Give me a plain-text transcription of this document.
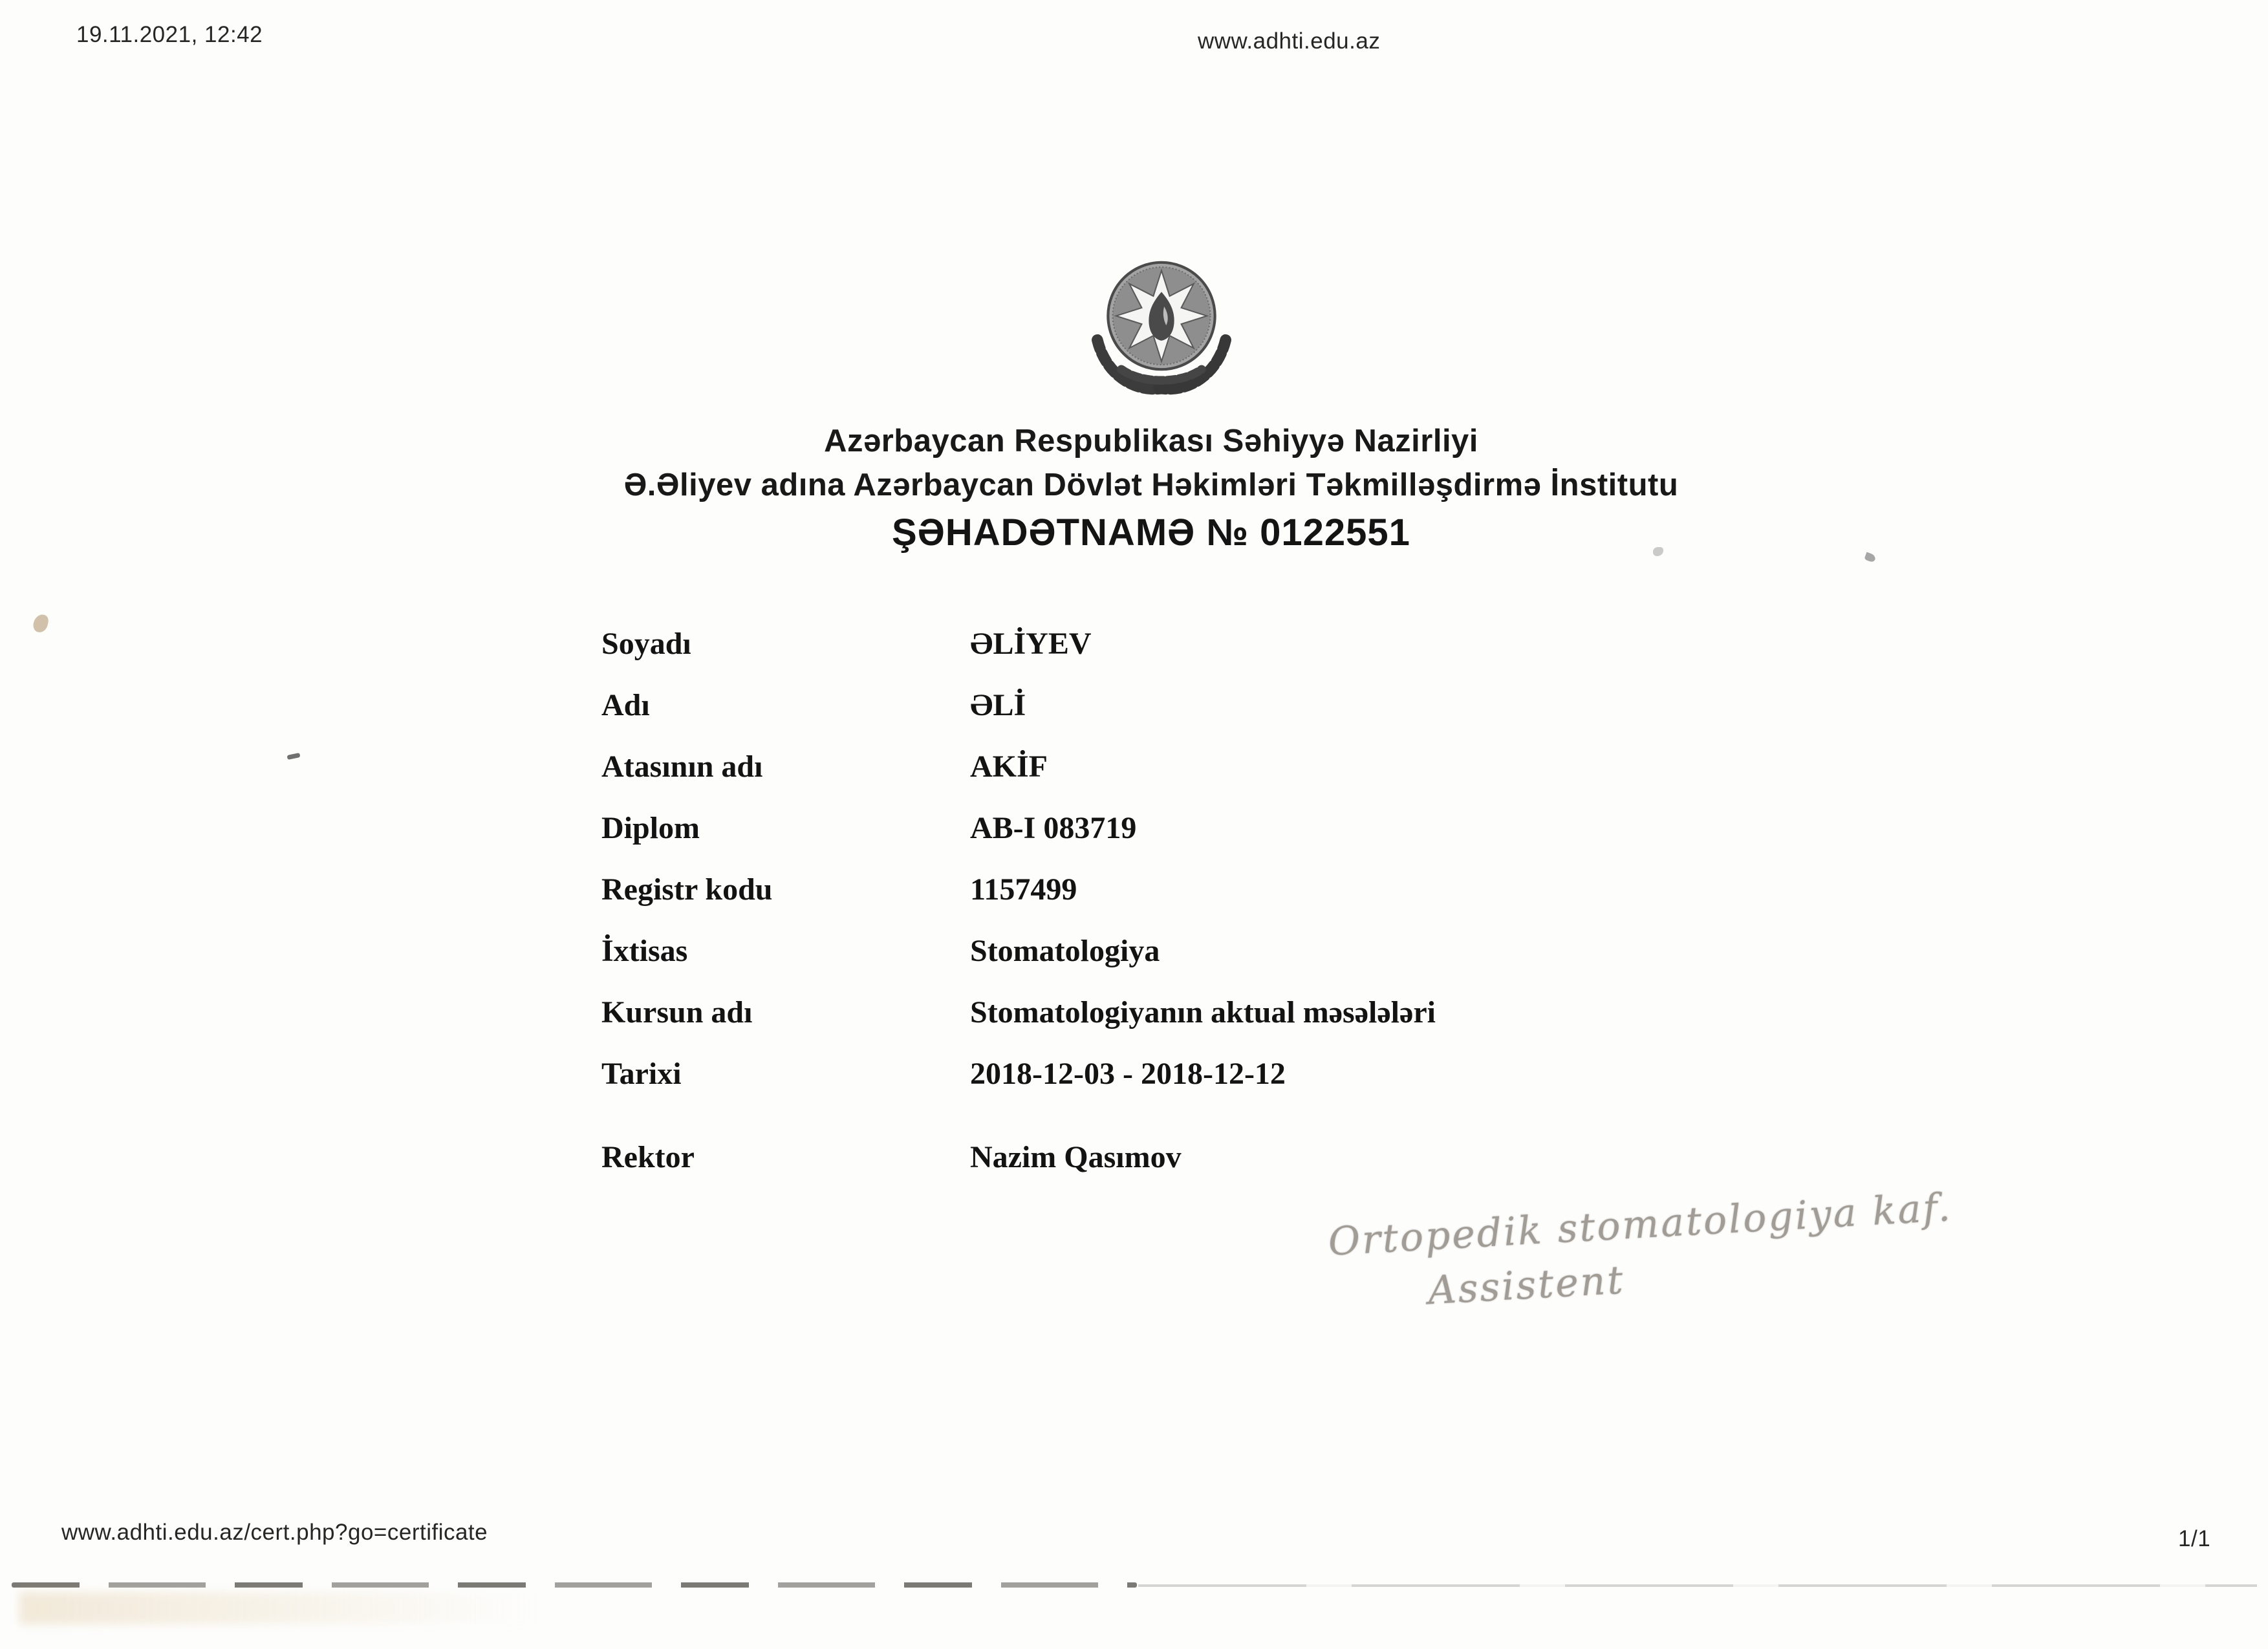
19.11.2021, 12:42	www.adhti.edu.az
Azərbaycan Respublikası Səhiyyə Nazirliyi
Ə.Əliyev adına Azərbaycan Dövlət Həkimləri Təkmilləşdirmə İnstitutu
ŞƏHADƏTNAMƏ № 0122551
Soyadı	ƏLİYEV
Adı	ƏLİ
Atasının adı	AKİF
Diplom	AB-I 083719
Registr kodu	1157499
İxtisas	Stomatologiya
Kursun adı	Stomatologiyanın aktual məsələləri
Tarixi	2018-12-03 - 2018-12-12
Rektor	Nazim Qasımov
Ortopedik stomatologiya kaf.
Assistent
www.adhti.edu.az/cert.php?go=certificate	1/1
